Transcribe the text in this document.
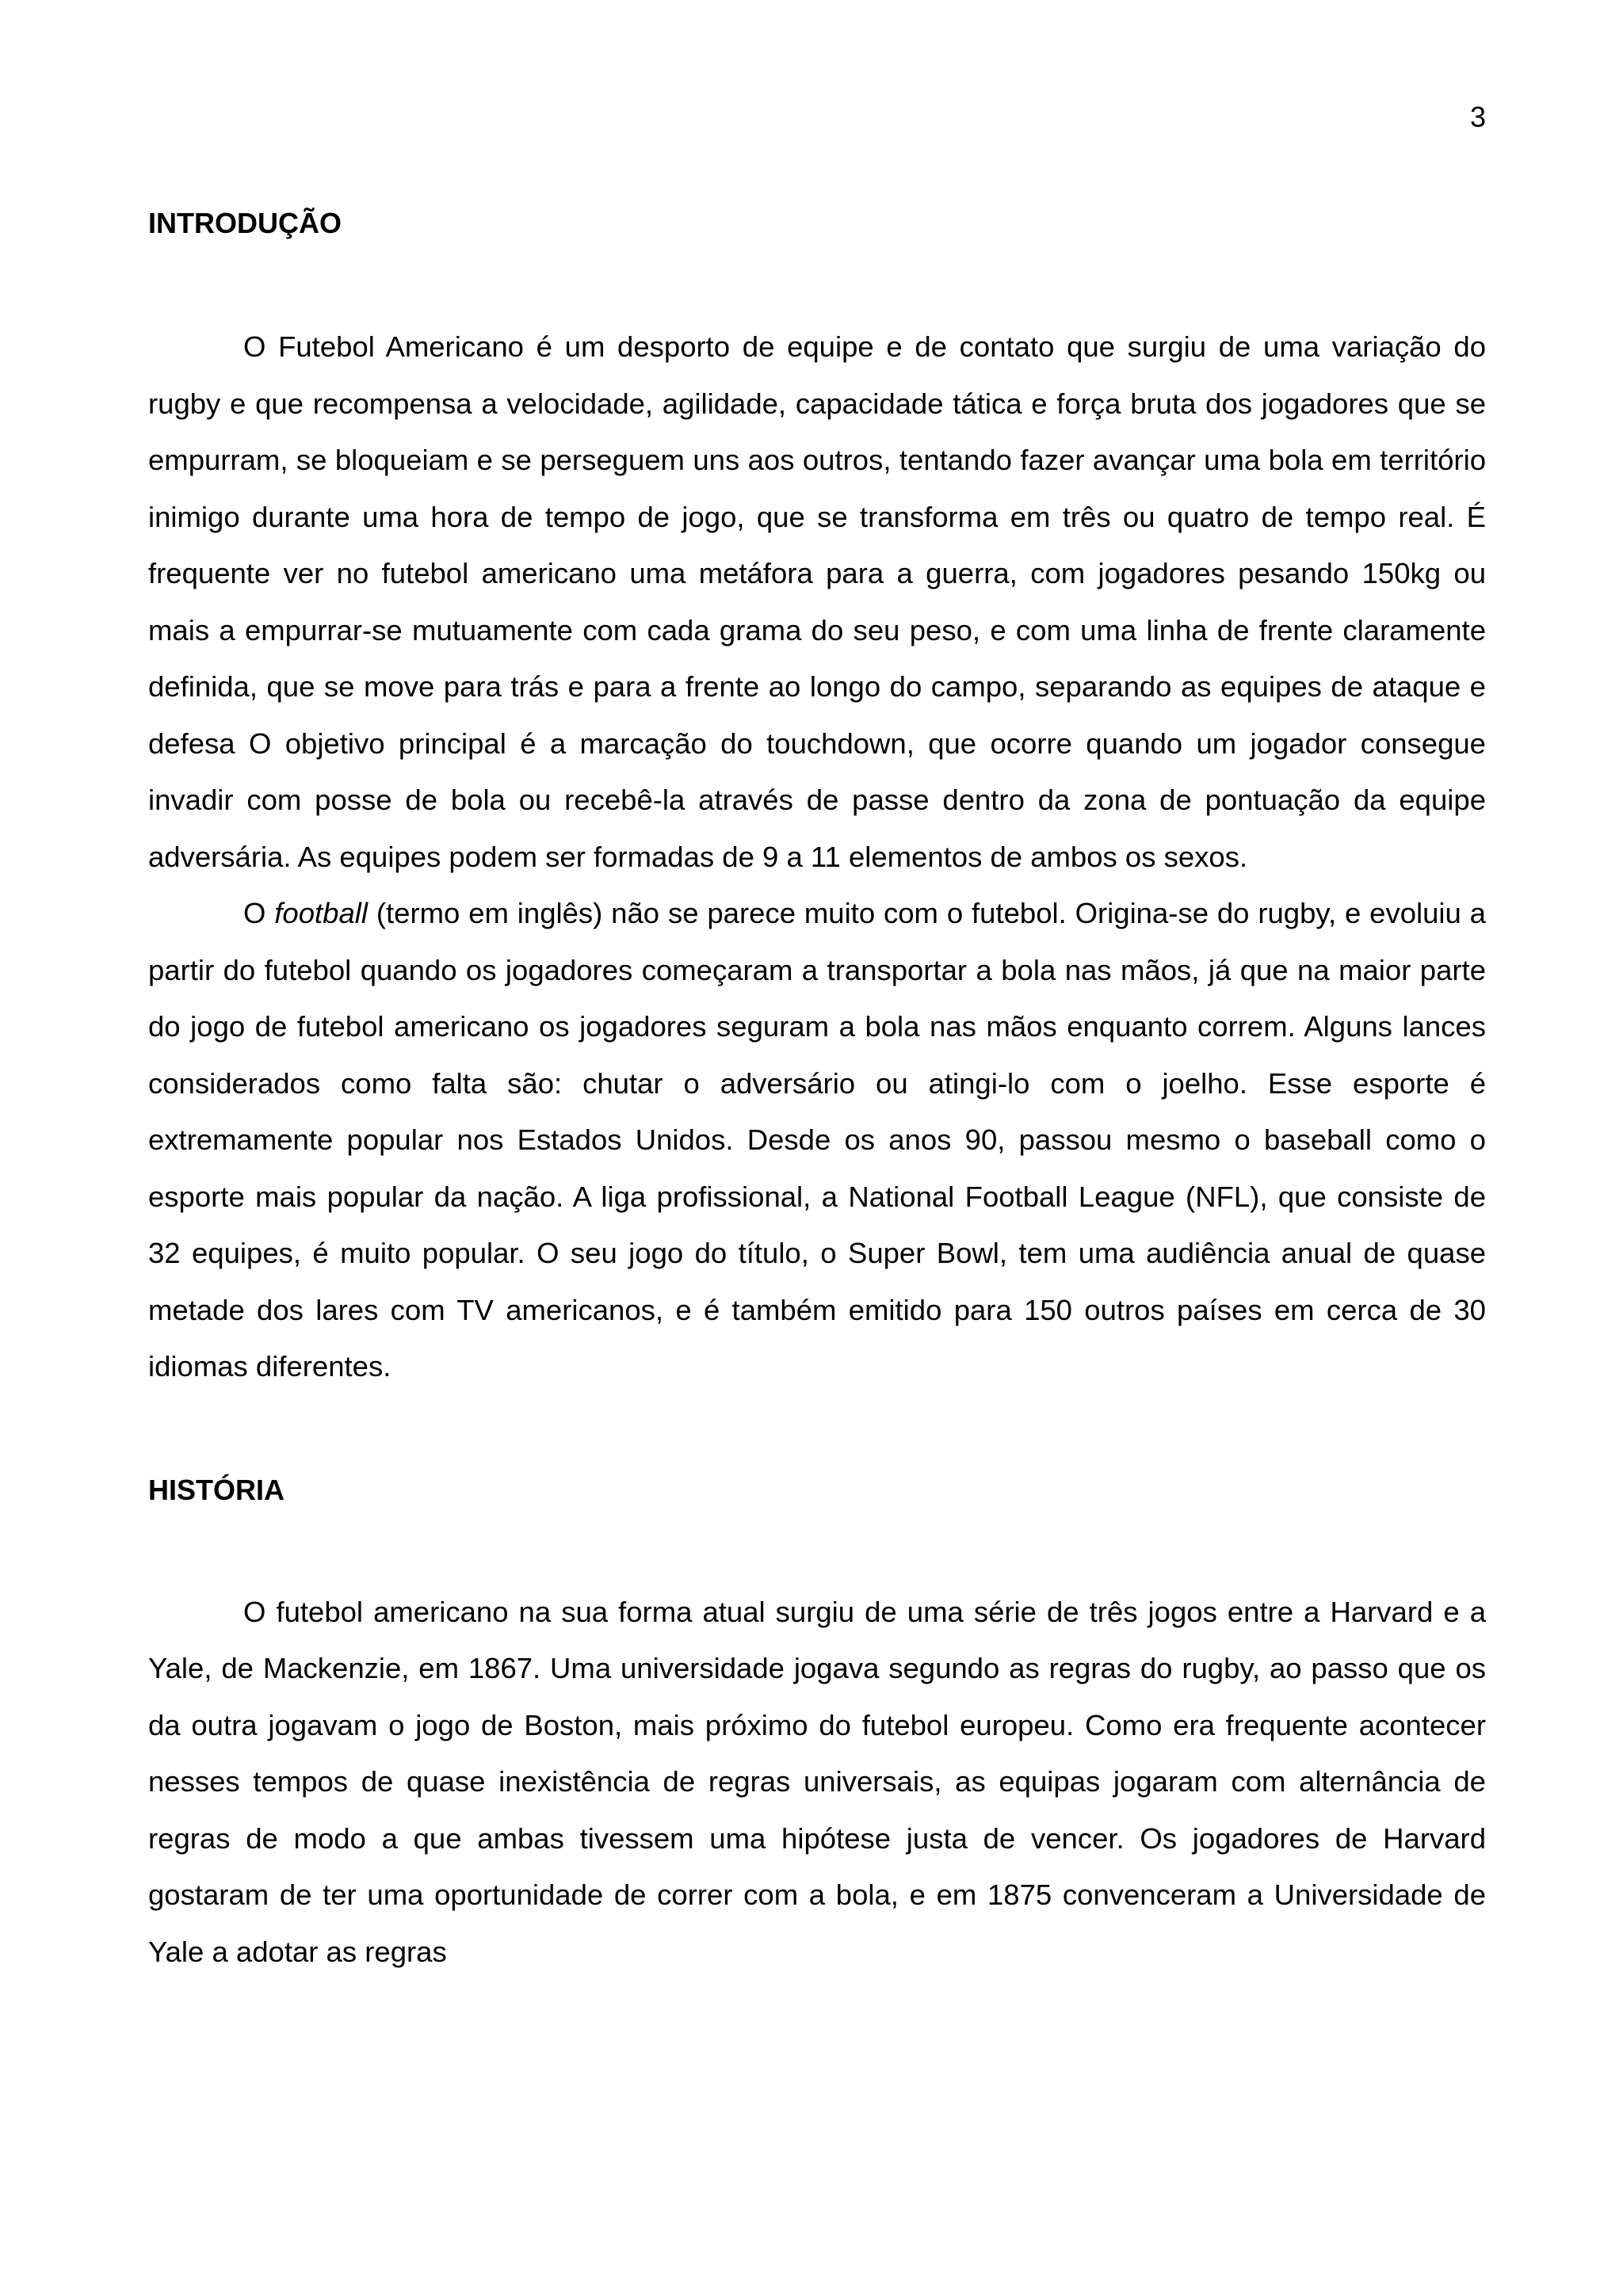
3
INTRODUÇÃO

O Futebol Americano é um desporto de equipe e de contato que surgiu de uma variação do rugby e que recompensa a velocidade, agilidade, capacidade tática e força bruta dos jogadores que se empurram, se bloqueiam e se perseguem uns aos outros, tentando fazer avançar uma bola em território inimigo durante uma hora de tempo de jogo, que se transforma em três ou quatro de tempo real. É frequente ver no futebol americano uma metáfora para a guerra, com jogadores pesando 150kg ou mais a empurrar-se mutuamente com cada grama do seu peso, e com uma linha de frente claramente definida, que se move para trás e para a frente ao longo do campo, separando as equipes de ataque e defesa O objetivo principal é a marcação do touchdown, que ocorre quando um jogador consegue invadir com posse de bola ou recebê-la através de passe dentro da zona de pontuação da equipe adversária. As equipes podem ser formadas de 9 a 11 elementos de ambos os sexos.

O football (termo em inglês) não se parece muito com o futebol. Origina-se do rugby, e evoluiu a partir do futebol quando os jogadores começaram a transportar a bola nas mãos, já que na maior parte do jogo de futebol americano os jogadores seguram a bola nas mãos enquanto correm. Alguns lances considerados como falta são: chutar o adversário ou atingi-lo com o joelho. Esse esporte é extremamente popular nos Estados Unidos. Desde os anos 90, passou mesmo o baseball como o esporte mais popular da nação. A liga profissional, a National Football League (NFL), que consiste de 32 equipes, é muito popular. O seu jogo do título, o Super Bowl, tem uma audiência anual de quase metade dos lares com TV americanos, e é também emitido para 150 outros países em cerca de 30 idiomas diferentes.

HISTÓRIA

O futebol americano na sua forma atual surgiu de uma série de três jogos entre a Harvard e a Yale, de Mackenzie, em 1867. Uma universidade jogava segundo as regras do rugby, ao passo que os da outra jogavam o jogo de Boston, mais próximo do futebol europeu. Como era frequente acontecer nesses tempos de quase inexistência de regras universais, as equipas jogaram com alternância de regras de modo a que ambas tivessem uma hipótese justa de vencer. Os jogadores de Harvard gostaram de ter uma oportunidade de correr com a bola, e em 1875 convenceram a Universidade de Yale a adotar as regras
